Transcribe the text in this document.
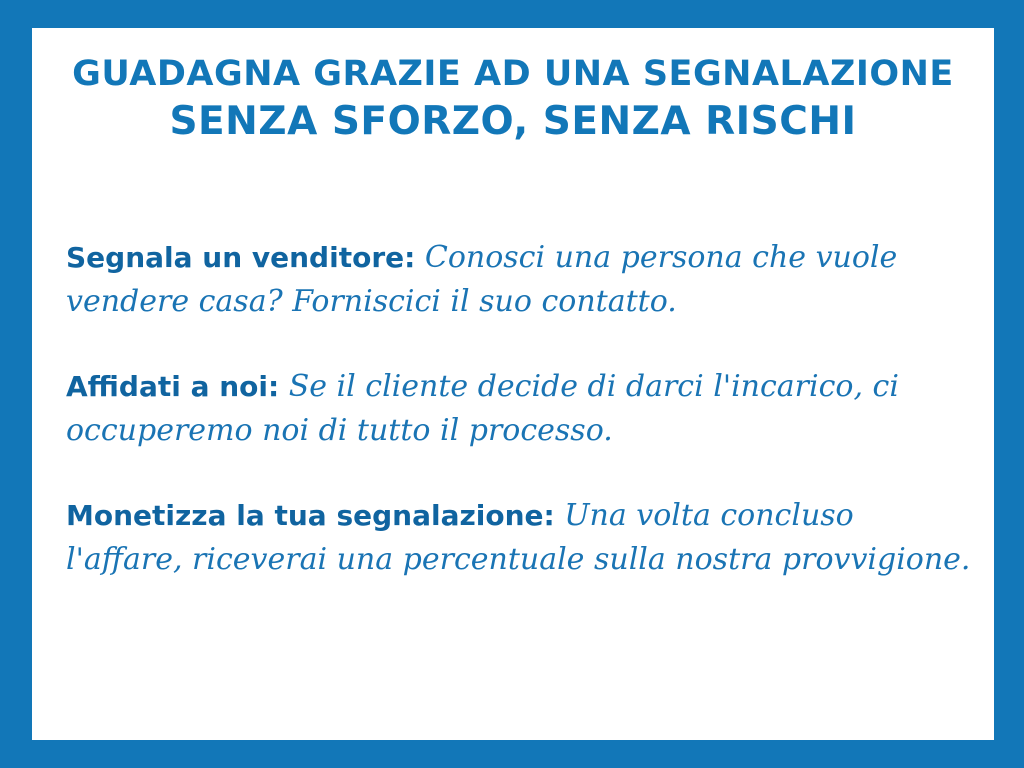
GUADAGNA GRAZIE AD UNA SEGNALAZIONE
SENZA SFORZO, SENZA RISCHI

Segnala un venditore: Conosci una persona che vuole vendere casa? Forniscici il suo contatto.

Affidati a noi: Se il cliente decide di darci l'incarico, ci occuperemo noi di tutto il processo.

Monetizza la tua segnalazione: Una volta concluso l'affare, riceverai una percentuale sulla nostra provvigione.
